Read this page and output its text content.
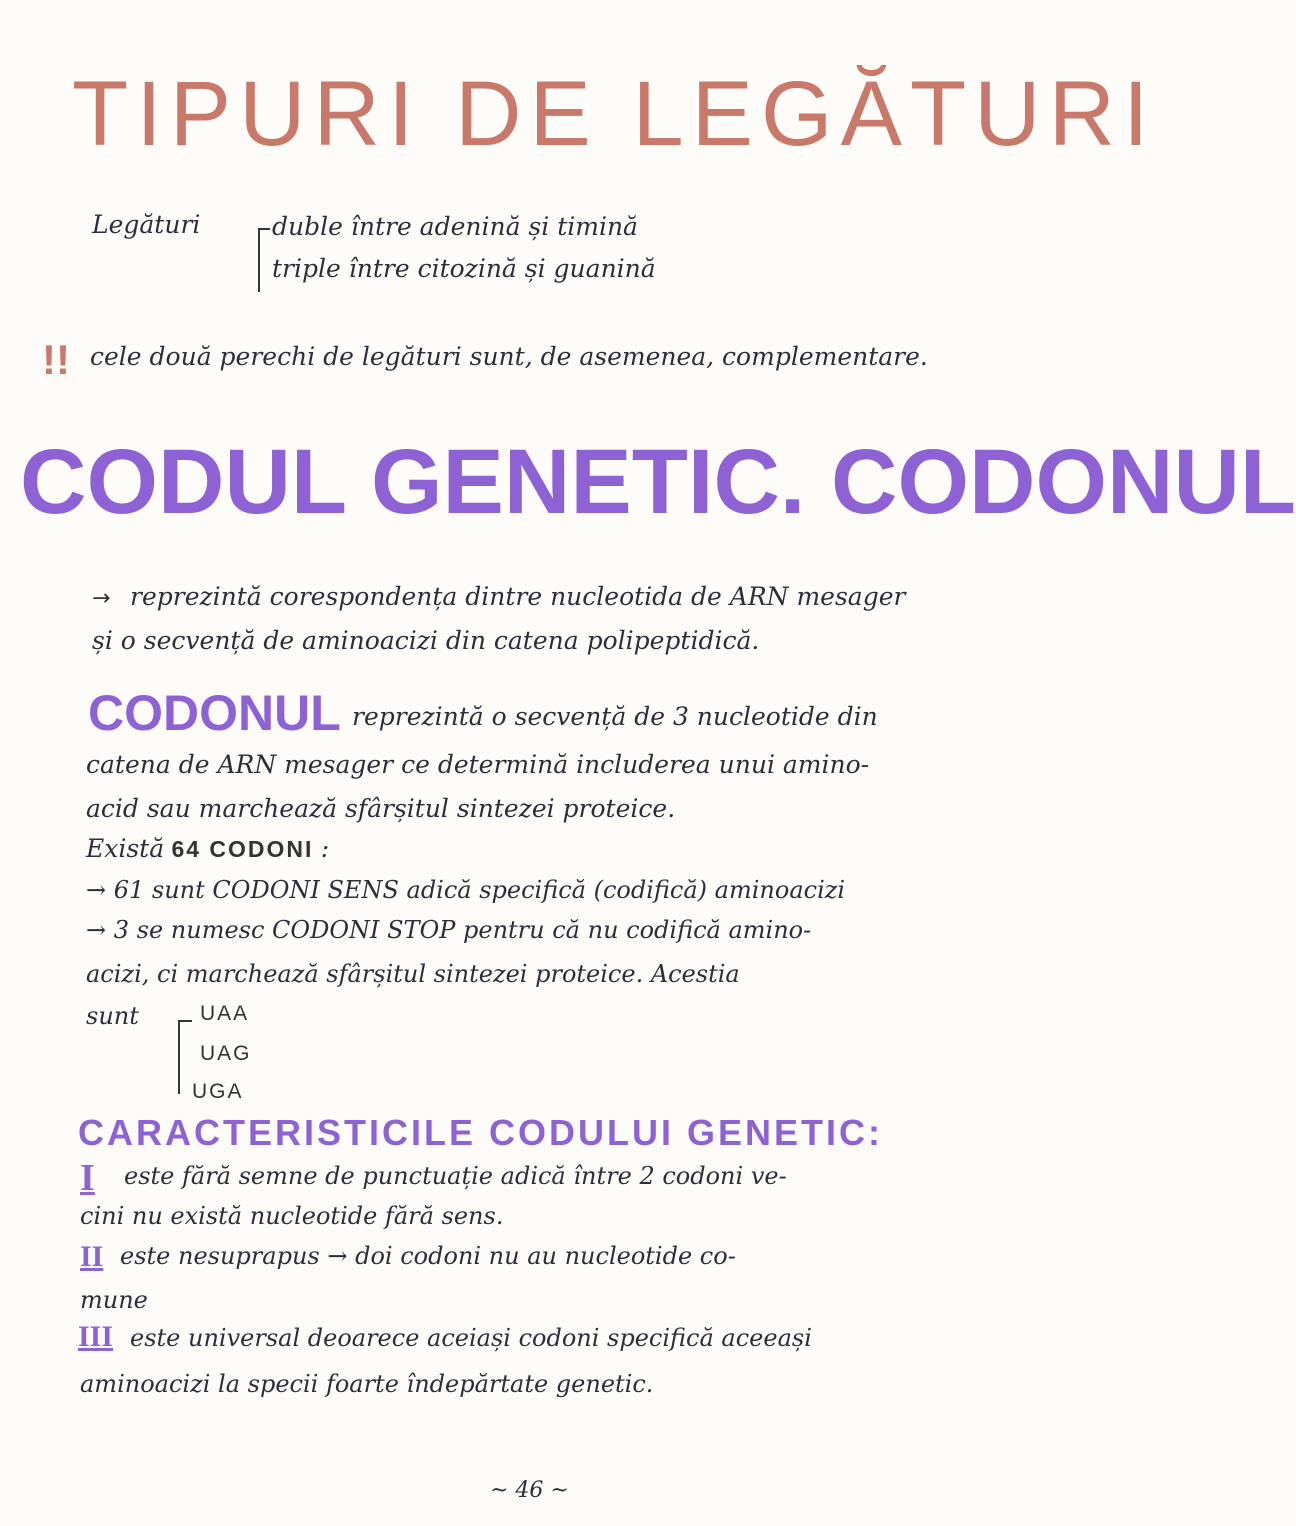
TIPURI DE LEGĂTURI
Legături	duble între adenină și timină
triple între citozină și guanină
!! cele două perechi de legături sunt, de asemenea, complementare.
CODUL GENETIC. CODONUL
→ reprezintă corespondența dintre nucleotida de ARN mesager
și o secvență de aminoacizi din catena polipeptidică.
CODONUL reprezintă o secvență de 3 nucleotide din
catena de ARN mesager ce determină includerea unui amino-
acid sau marchează sfârșitul sintezei proteice.
Există 64 CODONI :
→ 61 sunt CODONI SENS adică specifică (codifică) aminoacizi
→ 3 se numesc CODONI STOP pentru că nu codifică amino-
acizi, ci marchează sfârșitul sintezei proteice. Acestia
sunt	UAA
UAG
UGA
CARACTERISTICILE CODULUI GENETIC:
I este fără semne de punctuație adică între 2 codoni ve-
cini nu există nucleotide fără sens.
II este nesuprapus → doi codoni nu au nucleotide co-
mune
III este universal deoarece aceiași codoni specifică aceeași
aminoacizi la specii foarte îndepărtate genetic.
~ 46 ~
